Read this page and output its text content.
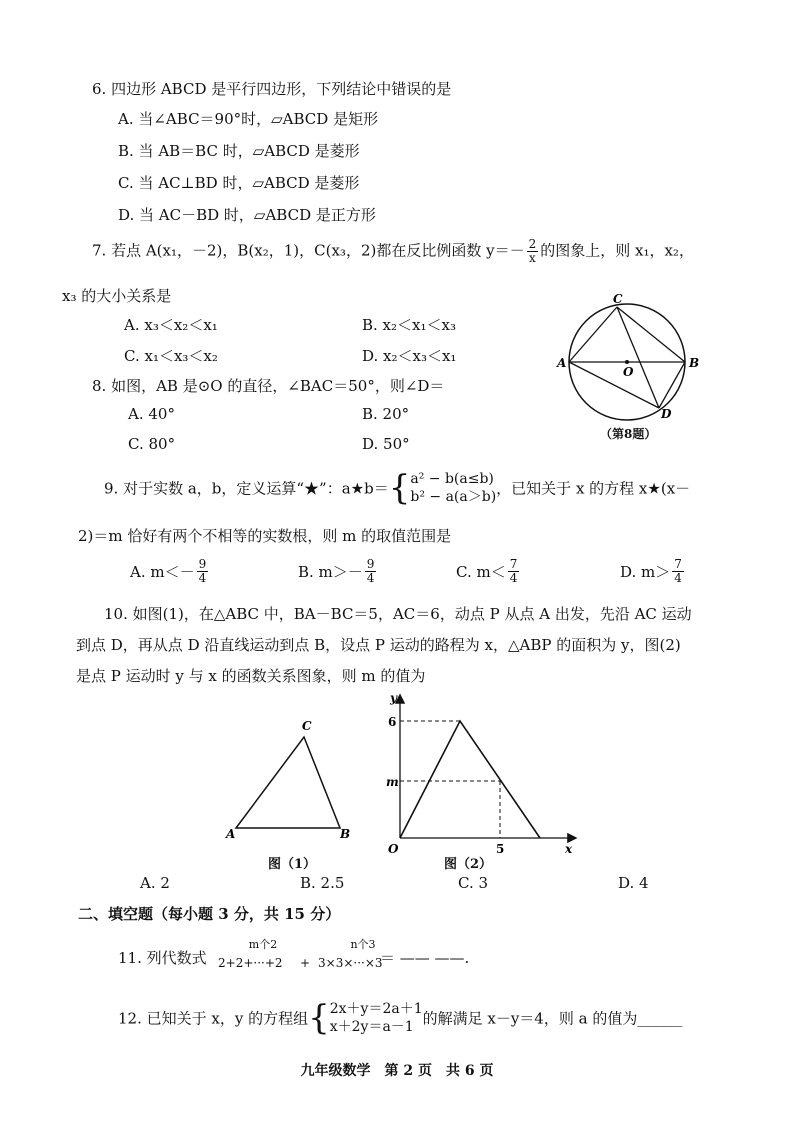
6. 四边形 ABCD 是平行四边形，下列结论中错误的是
A. 当∠ABC＝90°时，▱ABCD 是矩形
B. 当 AB＝BC 时，▱ABCD 是菱形
C. 当 AC⊥BD 时，▱ABCD 是菱形
D. 当 AC－BD 时，▱ABCD 是正方形
7. 若点 A(x₁，－2)，B(x₂，1)，C(x₃，2)都在反比例函数 $y=- \frac{2}{x}$ 的图象上，则 x₁，x₂，
x₃ 的大小关系是
A. x₃＜x₂＜x₁	B. x₂＜x₁＜x₃
C. x₁＜x₃＜x₂	D. x₂＜x₃＜x₁
8. 如图，AB 是⊙O 的直径，∠BAC＝50°，则∠D＝
A. 40°	B. 20°
C. 80°	D. 50°
A	B
C
D
O
（第8题）
9. 对于实数 a，b，定义运算“★”：a★b＝{ a² − b(a≤b)
b² − a(a＞b) ，已知关于 x 的方程 x★(x－
2)＝m 恰好有两个不相等的实数根，则 m 的取值范围是
A. $m<- \frac{9}{4}$	B. $m>- \frac{9}{4}$	C. $m< \frac{7}{4}$	D. $m> \frac{7}{4}$
10. 如图(1)，在△ABC 中，BA－BC＝5，AC＝6，动点 P 从点 A 出发，先沿 AC 运动
到点 D，再从点 D 沿直线运动到点 B，设点 P 运动的路程为 x，△ABP 的面积为 y，图(2)
是点 P 运动时 y 与 x 的函数关系图象，则 m 的值为
A	B
C
图（1）
y
x
O
6
m
5
图（2）
A. 2	B. 2.5	C. 3	D. 4
二、填空题（每小题 3 分，共 15 分）
11. 列代数式
m个2
2+2+···+2 +
n个3
3×3×···×3
＝ —— ——.
12. 已知关于 x，y 的方程组{ 2x＋y＝2a＋1
x＋2y＝a－1 的解满足 x－y＝4，则 a 的值为______
九年级数学　第 2 页　共 6 页
